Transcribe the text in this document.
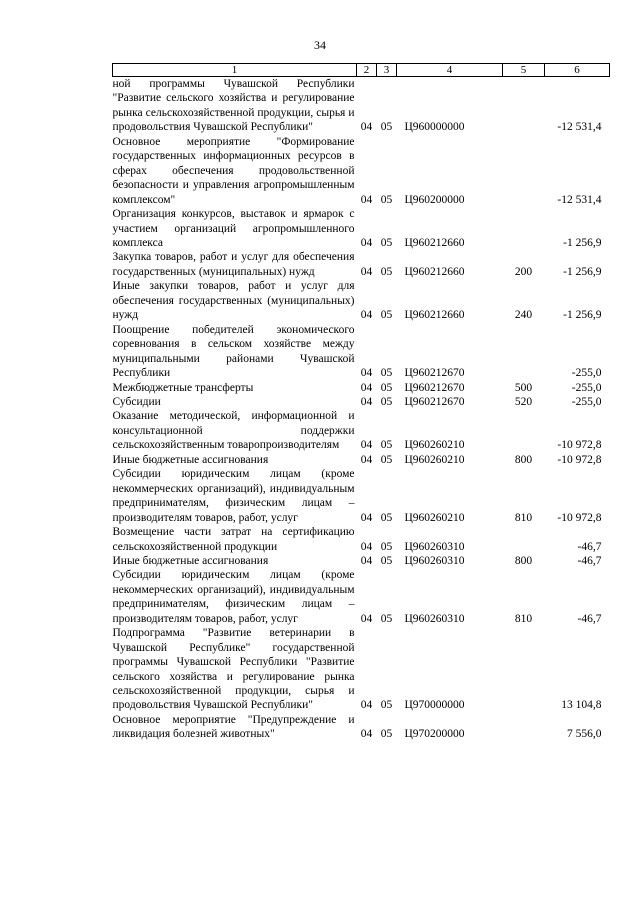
34
1	2	3	4	5	6
ной программы Чувашской Республики "Развитие сельского хозяйства и регулирование рынка сельскохозяйственной продукции, сырья и продовольствия Чувашской Республики"	04	05	Ц960000000		-12 531,4
Основное мероприятие "Формирование государственных информационных ресурсов в сферах обеспечения продовольственной безопасности и управления агропромышленным комплексом"	04	05	Ц960200000		-12 531,4
Организация конкурсов, выставок и ярмарок с участием организаций агропромышленного комплекса	04	05	Ц960212660		-1 256,9
Закупка товаров, работ и услуг для обеспечения государственных (муниципальных) нужд	04	05	Ц960212660	200	-1 256,9
Иные закупки товаров, работ и услуг для обеспечения государственных (муниципальных) нужд	04	05	Ц960212660	240	-1 256,9
Поощрение победителей экономического соревнования в сельском хозяйстве между муниципальными районами Чувашской Республики	04	05	Ц960212670		-255,0
Межбюджетные трансферты	04	05	Ц960212670	500	-255,0
Субсидии	04	05	Ц960212670	520	-255,0
Оказание методической, информационной и консультационной поддержки сельскохозяйственным товаропроизводителям	04	05	Ц960260210		-10 972,8
Иные бюджетные ассигнования	04	05	Ц960260210	800	-10 972,8
Субсидии юридическим лицам (кроме некоммерческих организаций), индивидуальным предпринимателям, физическим лицам – производителям товаров, работ, услуг	04	05	Ц960260210	810	-10 972,8
Возмещение части затрат на сертификацию сельскохозяйственной продукции	04	05	Ц960260310		-46,7
Иные бюджетные ассигнования	04	05	Ц960260310	800	-46,7
Субсидии юридическим лицам (кроме некоммерческих организаций), индивидуальным предпринимателям, физическим лицам – производителям товаров, работ, услуг	04	05	Ц960260310	810	-46,7
Подпрограмма "Развитие ветеринарии в Чувашской Республике" государственной программы Чувашской Республики "Развитие сельского хозяйства и регулирование рынка сельскохозяйственной продукции, сырья и продовольствия Чувашской Республики"	04	05	Ц970000000		13 104,8
Основное мероприятие "Предупреждение и ликвидация болезней животных"	04	05	Ц970200000		7 556,0
